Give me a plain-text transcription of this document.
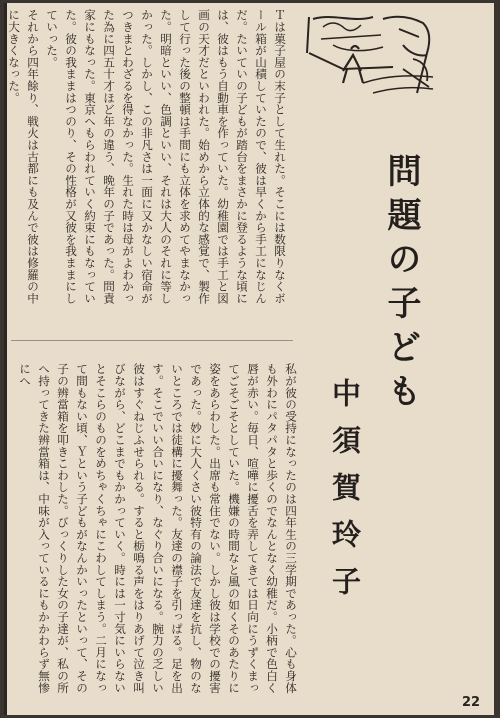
Ｔは菓子屋の末子として生れた。そこには数限りなくボール箱が山積していたので、彼は早くから手工になじんだ。たいていの子どもが踏台をまさかに登るような頃には、彼はもう自動車を作っていた。幼稚園では手工と図画の天才だといわれた。始めから立体的な感覚で、製作して行った後の整頓は手間にも立体を求めてやまなかった。明暗といい、色調といい、それは大人のそれに等しかった。しかし、この非凡さは一面に又かなしい宿命がつきまとわざるを得なかった。生れた時は母がよわかった為に四五十才ほど年の違う、晩年の子であった。問責家にもなった。東京へもらわれていく約束にもなっていた。彼の我ままはつのり、その性格が又彼を我ままにしていった。

それから四年餘り、戦火は古都にも及んで彼は修羅の中に大きくなった。

問題の子ども
中須賀玲子

私が彼の受持になったのは四年生の三学期であった。心も身体も外わにパタパタと歩くのでなんとなく幼稚だ。小柄で色白く唇が赤い。毎日、喧嘩に擾舌を弄してきては日向にうずくまってごそごそとしていた。機嫌の時間なと風の如くそのあたりに姿をあらわした。出席も常住でない。しかし彼は学校での擾害であった。妙に大人くさい彼特有の論法で友達を抗し、物のないところでは徒構に擾舞った。友達の襟子を引っぱる。足を出す。そこでいい合いになり、なぐり合いになる。腕力の乏しい彼はすぐねじふせられる。すると栃鳴る声をはりあげて泣き叫びながら、どこまでもかかっていく。時には一寸気にいらないとそこらのものをめちゃくちゃにこわしてしまう。二月になって間もない頃、Ｙという子どもがなんかいったといって、その子の辨當箱を叩きこわした。びっくりした女の子達が、私の所へ持ってきた辨當箱は、中味が入っているにもかかわらず無惨にへ

22
